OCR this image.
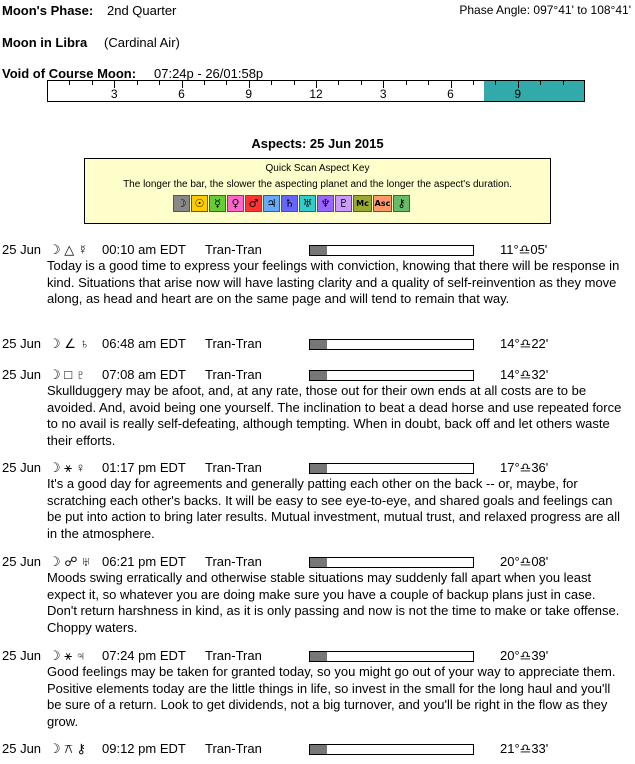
Moon's Phase: 2nd Quarter	Phase Angle: 097°41' to 108°41'
Moon in Libra (Cardinal Air)
Void of Course Moon: 07:24p - 26/01:58p
3	6	9	12	3	6	9
Aspects: 25 Jun 2015
Quick Scan Aspect Key
The longer the bar, the slower the aspecting planet and the longer the aspect's duration.
☽ ☉ ☿ ♀ ♂ ♃ ♄ ♅ ♆ ♇ Mc Asc ⚷
25 Jun ☽ △ ☿ 00:10 am EDT Tran-Tran	11°♎05'
Today is a good time to express your feelings with conviction, knowing that there will be response in kind. Situations that arise now will have lasting clarity and a quality of self-reinvention as they move along, as head and heart are on the same page and will tend to remain that way.
25 Jun ☽ ∠ ♄ 06:48 am EDT Tran-Tran	14°♎22'
25 Jun ☽ □ ♇ 07:08 am EDT Tran-Tran	14°♎32'
Skullduggery may be afoot, and, at any rate, those out for their own ends at all costs are to be avoided. And, avoid being one yourself. The inclination to beat a dead horse and use repeated force to no avail is really self-defeating, although tempting. When in doubt, back off and let others waste their efforts.
25 Jun ☽ ⚹ ♀ 01:17 pm EDT Tran-Tran	17°♎36'
It's a good day for agreements and generally patting each other on the back -- or, maybe, for scratching each other's backs. It will be easy to see eye-to-eye, and shared goals and feelings can be put into action to bring later results. Mutual investment, mutual trust, and relaxed progress are all in the atmosphere.
25 Jun ☽ ☍ ♅ 06:21 pm EDT Tran-Tran	20°♎08'
Moods swing erratically and otherwise stable situations may suddenly fall apart when you least expect it, so whatever you are doing make sure you have a couple of backup plans just in case. Don't return harshness in kind, as it is only passing and now is not the time to make or take offense. Choppy waters.
25 Jun ☽ ⚹ ♃ 07:24 pm EDT Tran-Tran	20°♎39'
Good feelings may be taken for granted today, so you might go out of your way to appreciate them. Positive elements today are the little things in life, so invest in the small for the long haul and you'll be sure of a return. Look to get dividends, not a big turnover, and you'll be right in the flow as they grow.
25 Jun ☽ ⚻ ⚷ 09:12 pm EDT Tran-Tran	21°♎33'
